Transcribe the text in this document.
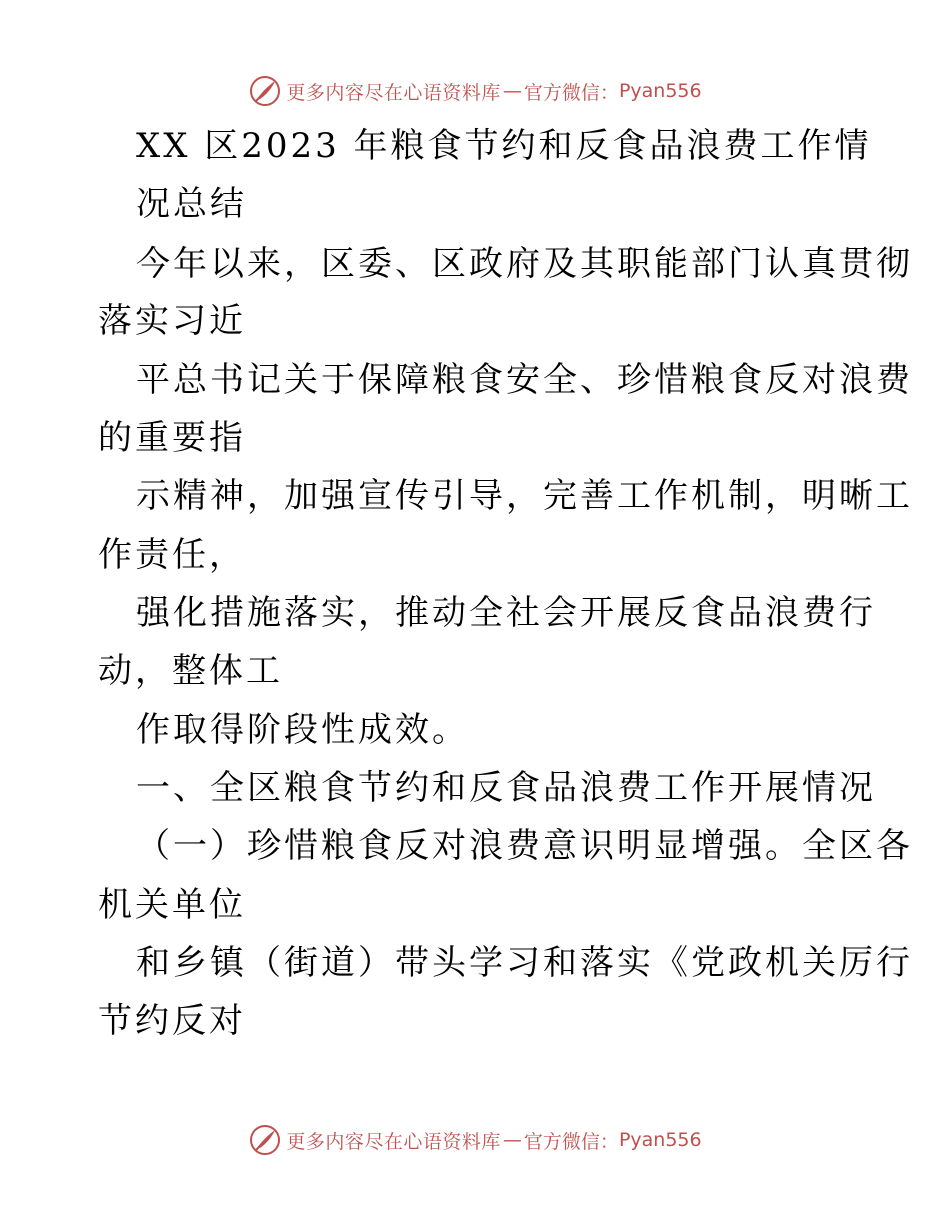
更多内容尽在心语资料库 — 官方微信： Pyan556
XX 区2023 年粮食节约和反食品浪费工作情
况总结
今年以来，区委、区政府及其职能部门认真贯彻
落实习近
平总书记关于保障粮食安全、珍惜粮食反对浪费
的重要指
示精神，加强宣传引导，完善工作机制，明晰工
作责任，
强化措施落实，推动全社会开展反食品浪费行
动，整体工
作取得阶段性成效。
一、全区粮食节约和反食品浪费工作开展情况
（一）珍惜粮食反对浪费意识明显增强。全区各
机关单位
和乡镇（街道）带头学习和落实《党政机关厉行
节约反对
更多内容尽在心语资料库 — 官方微信： Pyan556
